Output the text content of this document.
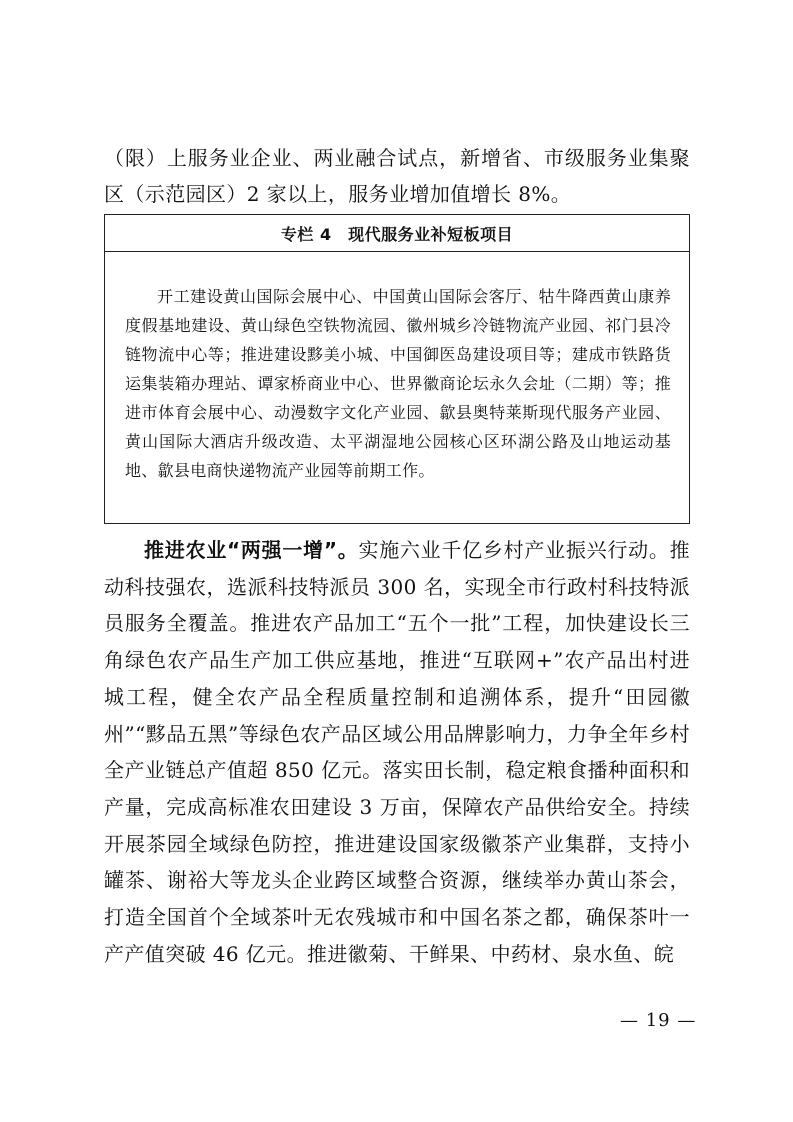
（限）上服务业企业、两业融合试点，新增省、市级服务业集聚区（示范园区）2 家以上，服务业增加值增长 8%。

专栏 4　现代服务业补短板项目

开工建设黄山国际会展中心、中国黄山国际会客厅、牯牛降西黄山康养度假基地建设、黄山绿色空铁物流园、徽州城乡冷链物流产业园、祁门县冷链物流中心等；推进建设黟美小城、中国御医岛建设项目等；建成市铁路货运集装箱办理站、谭家桥商业中心、世界徽商论坛永久会址（二期）等；推进市体育会展中心、动漫数字文化产业园、歙县奥特莱斯现代服务产业园、黄山国际大酒店升级改造、太平湖湿地公园核心区环湖公路及山地运动基地、歙县电商快递物流产业园等前期工作。

推进农业“两强一增”。实施六业千亿乡村产业振兴行动。推动科技强农，选派科技特派员 300 名，实现全市行政村科技特派员服务全覆盖。推进农产品加工“五个一批”工程，加快建设长三角绿色农产品生产加工供应基地，推进“互联网+”农产品出村进城工程，健全农产品全程质量控制和追溯体系，提升“田园徽州”“黟品五黑”等绿色农产品区域公用品牌影响力，力争全年乡村全产业链总产值超 850 亿元。落实田长制，稳定粮食播种面积和产量，完成高标准农田建设 3 万亩，保障农产品供给安全。持续开展茶园全域绿色防控，推进建设国家级徽茶产业集群，支持小罐茶、谢裕大等龙头企业跨区域整合资源，继续举办黄山茶会，打造全国首个全域茶叶无农残城市和中国名茶之都，确保茶叶一产产值突破 46 亿元。推进徽菊、干鲜果、中药材、泉水鱼、皖

— 19 —
